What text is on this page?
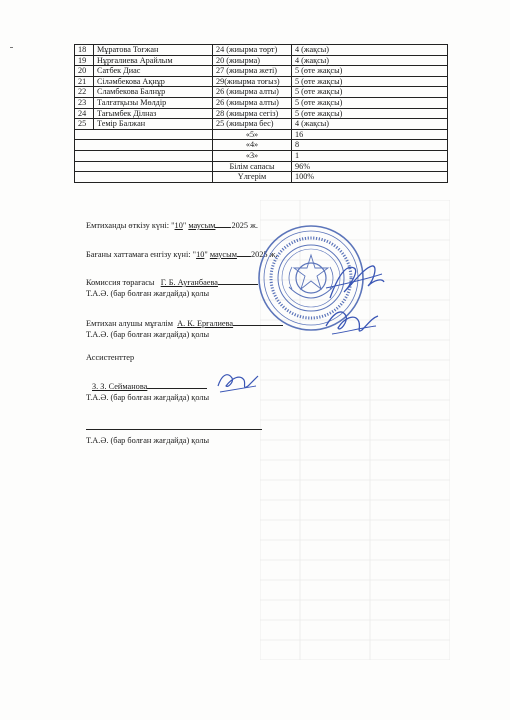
18	Мұратова Тоғжан	24 (жиырма төрт)	4 (жақсы)
19	Нұрғалиева Арайлым	20 (жиырма)	4 (жақсы)
20	Сатбек Диас	27 (жиырма жеті)	5 (өте жақсы)
21	Сіләмбекова Ақнұр	29(жиырма тоғыз)	5 (өте жақсы)
22	Сламбекова Балнұр	26 (жиырма алты)	5 (өте жақсы)
23	Талғатқызы Мөлдір	26 (жиырма алты)	5 (өте жақсы)
24	Тағымбек Ділназ	28 (жиырма сегіз)	5 (өте жақсы)
25	Темір Балжан	25 (жиырма бес)	4 (жақсы)
		«5»	16
		«4»	8
		«3»	1
		Білім сапасы	96%
		Үлгерім	100%
Емтиханды өткізу күні: "10" маусым 2025 ж.
Бағаны хаттамаға енгізу күні: "10" маусым 2025 ж.
Комиссия төрағасы Г. Б. Ауғанбаева
Т.А.Ә. (бар болған жағдайда) қолы
Емтихан алушы мұғалім А. К. Ерғалиева
Т.А.Ә. (бар болған жағдайда) қолы
Ассистенттер
З. З. Сейманова
Т.А.Ә. (бар болған жағдайда) қолы
Т.А.Ә. (бар болған жағдайда) қолы
